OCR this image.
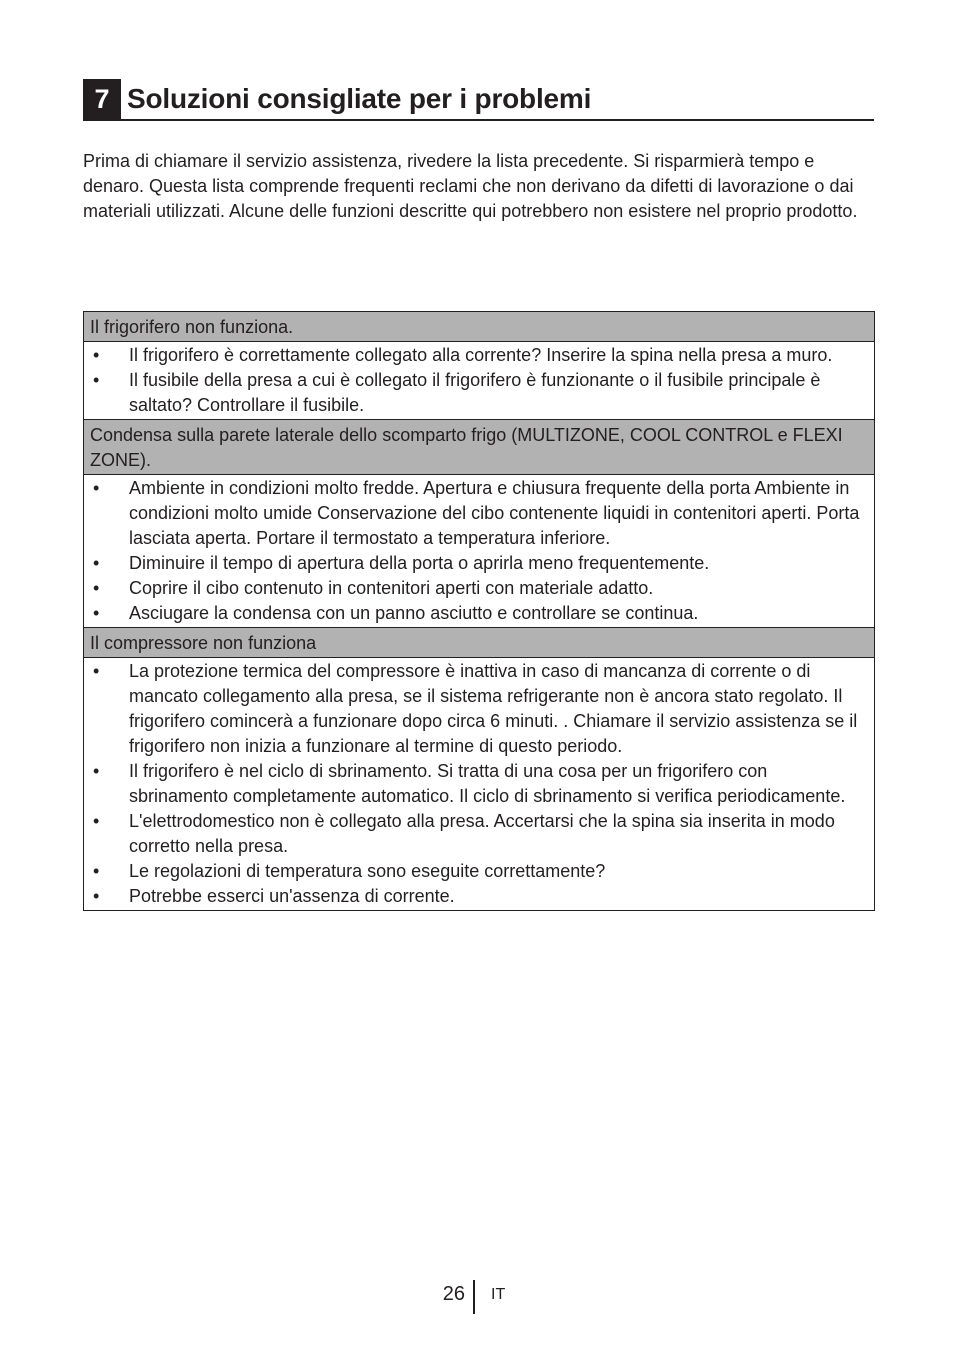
7 Soluzioni consigliate per i problemi

Prima di chiamare il servizio assistenza, rivedere la lista precedente. Si risparmierà tempo e denaro. Questa lista comprende frequenti reclami che non derivano da difetti di lavorazione o dai materiali utilizzati. Alcune delle funzioni descritte qui potrebbero non esistere nel proprio prodotto.

Il frigorifero non funziona.
• Il frigorifero è correttamente collegato alla corrente? Inserire la spina nella presa a muro.
• Il fusibile della presa a cui è collegato il frigorifero è funzionante o il fusibile principale è saltato? Controllare il fusibile.
Condensa sulla parete laterale dello scomparto frigo (MULTIZONE, COOL CONTROL e FLEXI ZONE).
• Ambiente in condizioni molto fredde. Apertura e chiusura frequente della porta Ambiente in condizioni molto umide Conservazione del cibo contenente liquidi in contenitori aperti. Porta lasciata aperta. Portare il termostato a temperatura inferiore.
• Diminuire il tempo di apertura della porta o aprirla meno frequentemente.
• Coprire il cibo contenuto in contenitori aperti con materiale adatto.
• Asciugare la condensa con un panno asciutto e controllare se continua.
Il compressore non funziona
• La protezione termica del compressore è inattiva in caso di mancanza di corrente o di mancato collegamento alla presa, se il sistema refrigerante non è ancora stato regolato. Il frigorifero comincerà a funzionare dopo circa 6 minuti. . Chiamare il servizio assistenza se il frigorifero non inizia a funzionare al termine di questo periodo.
• Il frigorifero è nel ciclo di sbrinamento. Si tratta di una cosa per un frigorifero con sbrinamento completamente automatico. Il ciclo di sbrinamento si verifica periodicamente.
• L'elettrodomestico non è collegato alla presa. Accertarsi che la spina sia inserita in modo corretto nella presa.
• Le regolazioni di temperatura sono eseguite correttamente?
• Potrebbe esserci un'assenza di corrente.
26 IT
